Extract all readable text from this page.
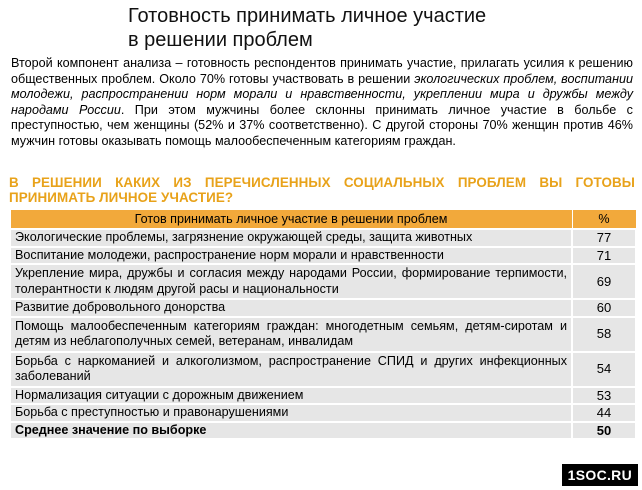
Готовность принимать личное участие
в решении проблем

Второй компонент анализа – готовность респондентов принимать участие, прилагать усилия к решению общественных проблем. Около 70% готовы участвовать в решении экологических проблем, воспитании молодежи, распространении норм морали и нравственности, укреплении мира и дружбы между народами России. При этом мужчины более склонны принимать личное участие в больбе с преступностью, чем женщины (52% и 37% соответственно). С другой стороны 70% женщин против 46% мужчин готовы оказывать помощь малообеспеченным категориям граждан.

В РЕШЕНИИ КАКИХ ИЗ ПЕРЕЧИСЛЕННЫХ СОЦИАЛЬНЫХ ПРОБЛЕМ ВЫ ГОТОВЫ ПРИНИМАТЬ ЛИЧНОЕ УЧАСТИЕ?

Готов принимать личное участие в решении проблем	%
Экологические проблемы, загрязнение окружающей среды, защита животных	77
Воспитание молодежи, распространение норм морали и нравственности	71
Укрепление мира, дружбы и согласия между народами России, формирование терпимости, толерантности к людям другой расы и национальности	69
Развитие добровольного донорства	60
Помощь малообеспеченным категориям граждан: многодетным семьям, детям-сиротам и детям из неблагополучных семей, ветеранам, инвалидам	58
Борьба с наркоманией и алкоголизмом, распространение СПИД и других инфекционных заболеваний	54
Нормализация ситуации с дорожным движением	53
Борьба с преступностью и правонарушениями	44
Среднее значение по выборке	50
1SOC.RU
